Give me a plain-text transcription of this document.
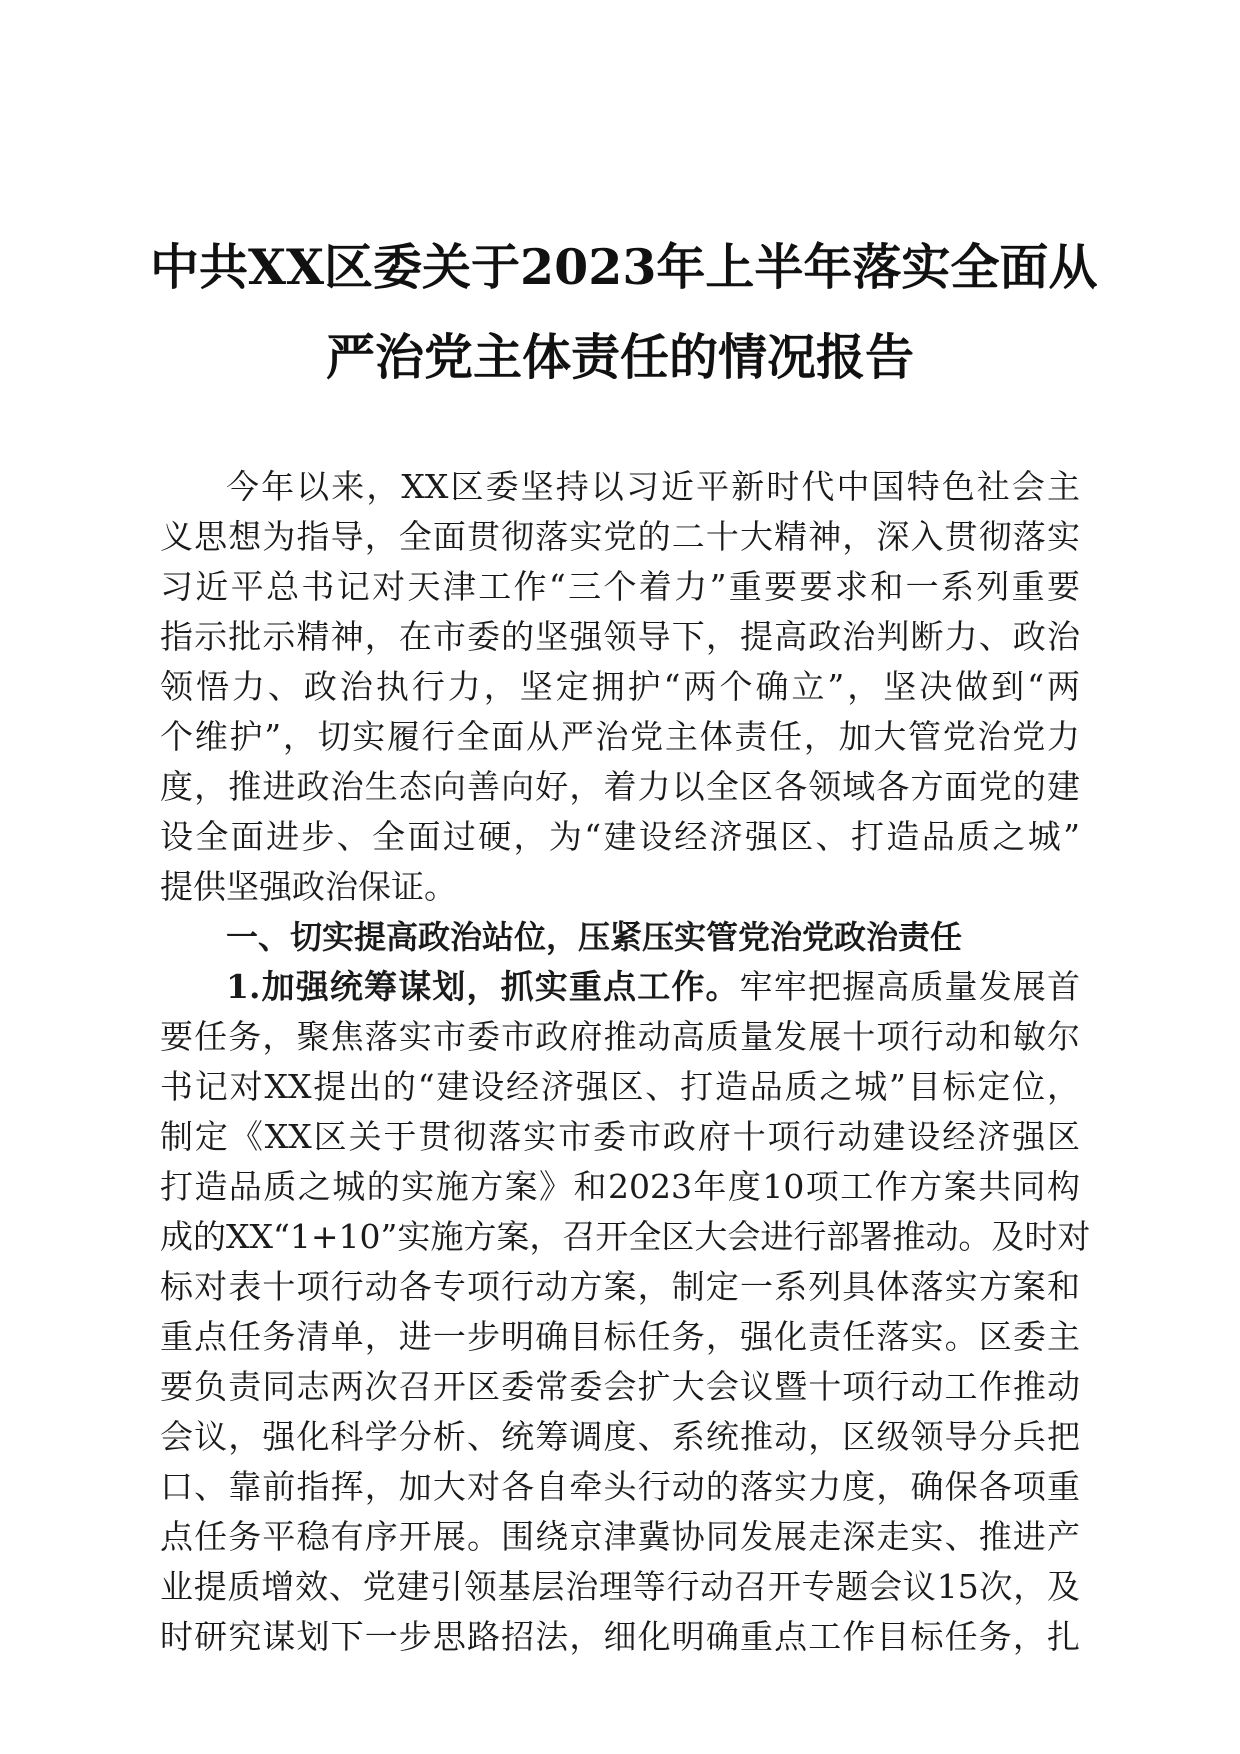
中共XX区委关于2023年上半年落实全面从
严治党主体责任的情况报告
今年以来，XX区委坚持以习近平新时代中国特色社会主
义思想为指导，全面贯彻落实党的二十大精神，深入贯彻落实
习近平总书记对天津工作“三个着力”重要要求和一系列重要
指示批示精神，在市委的坚强领导下，提高政治判断力、政治
领悟力、政治执行力，坚定拥护“两个确立”，坚决做到“两
个维护”，切实履行全面从严治党主体责任，加大管党治党力
度，推进政治生态向善向好，着力以全区各领域各方面党的建
设全面进步、全面过硬，为“建设经济强区、打造品质之城”
提供坚强政治保证。
一、切实提高政治站位，压紧压实管党治党政治责任
1.加强统筹谋划，抓实重点工作。牢牢把握高质量发展首
要任务，聚焦落实市委市政府推动高质量发展十项行动和敏尔
书记对XX提出的“建设经济强区、打造品质之城”目标定位，
制定《XX区关于贯彻落实市委市政府十项行动建设经济强区
打造品质之城的实施方案》和2023年度10项工作方案共同构
成的XX“1+10”实施方案，召开全区大会进行部署推动。及时对
标对表十项行动各专项行动方案，制定一系列具体落实方案和
重点任务清单，进一步明确目标任务，强化责任落实。区委主
要负责同志两次召开区委常委会扩大会议暨十项行动工作推动
会议，强化科学分析、统筹调度、系统推动，区级领导分兵把
口、靠前指挥，加大对各自牵头行动的落实力度，确保各项重
点任务平稳有序开展。围绕京津冀协同发展走深走实、推进产
业提质增效、党建引领基层治理等行动召开专题会议15次，及
时研究谋划下一步思路招法，细化明确重点工作目标任务，扎
